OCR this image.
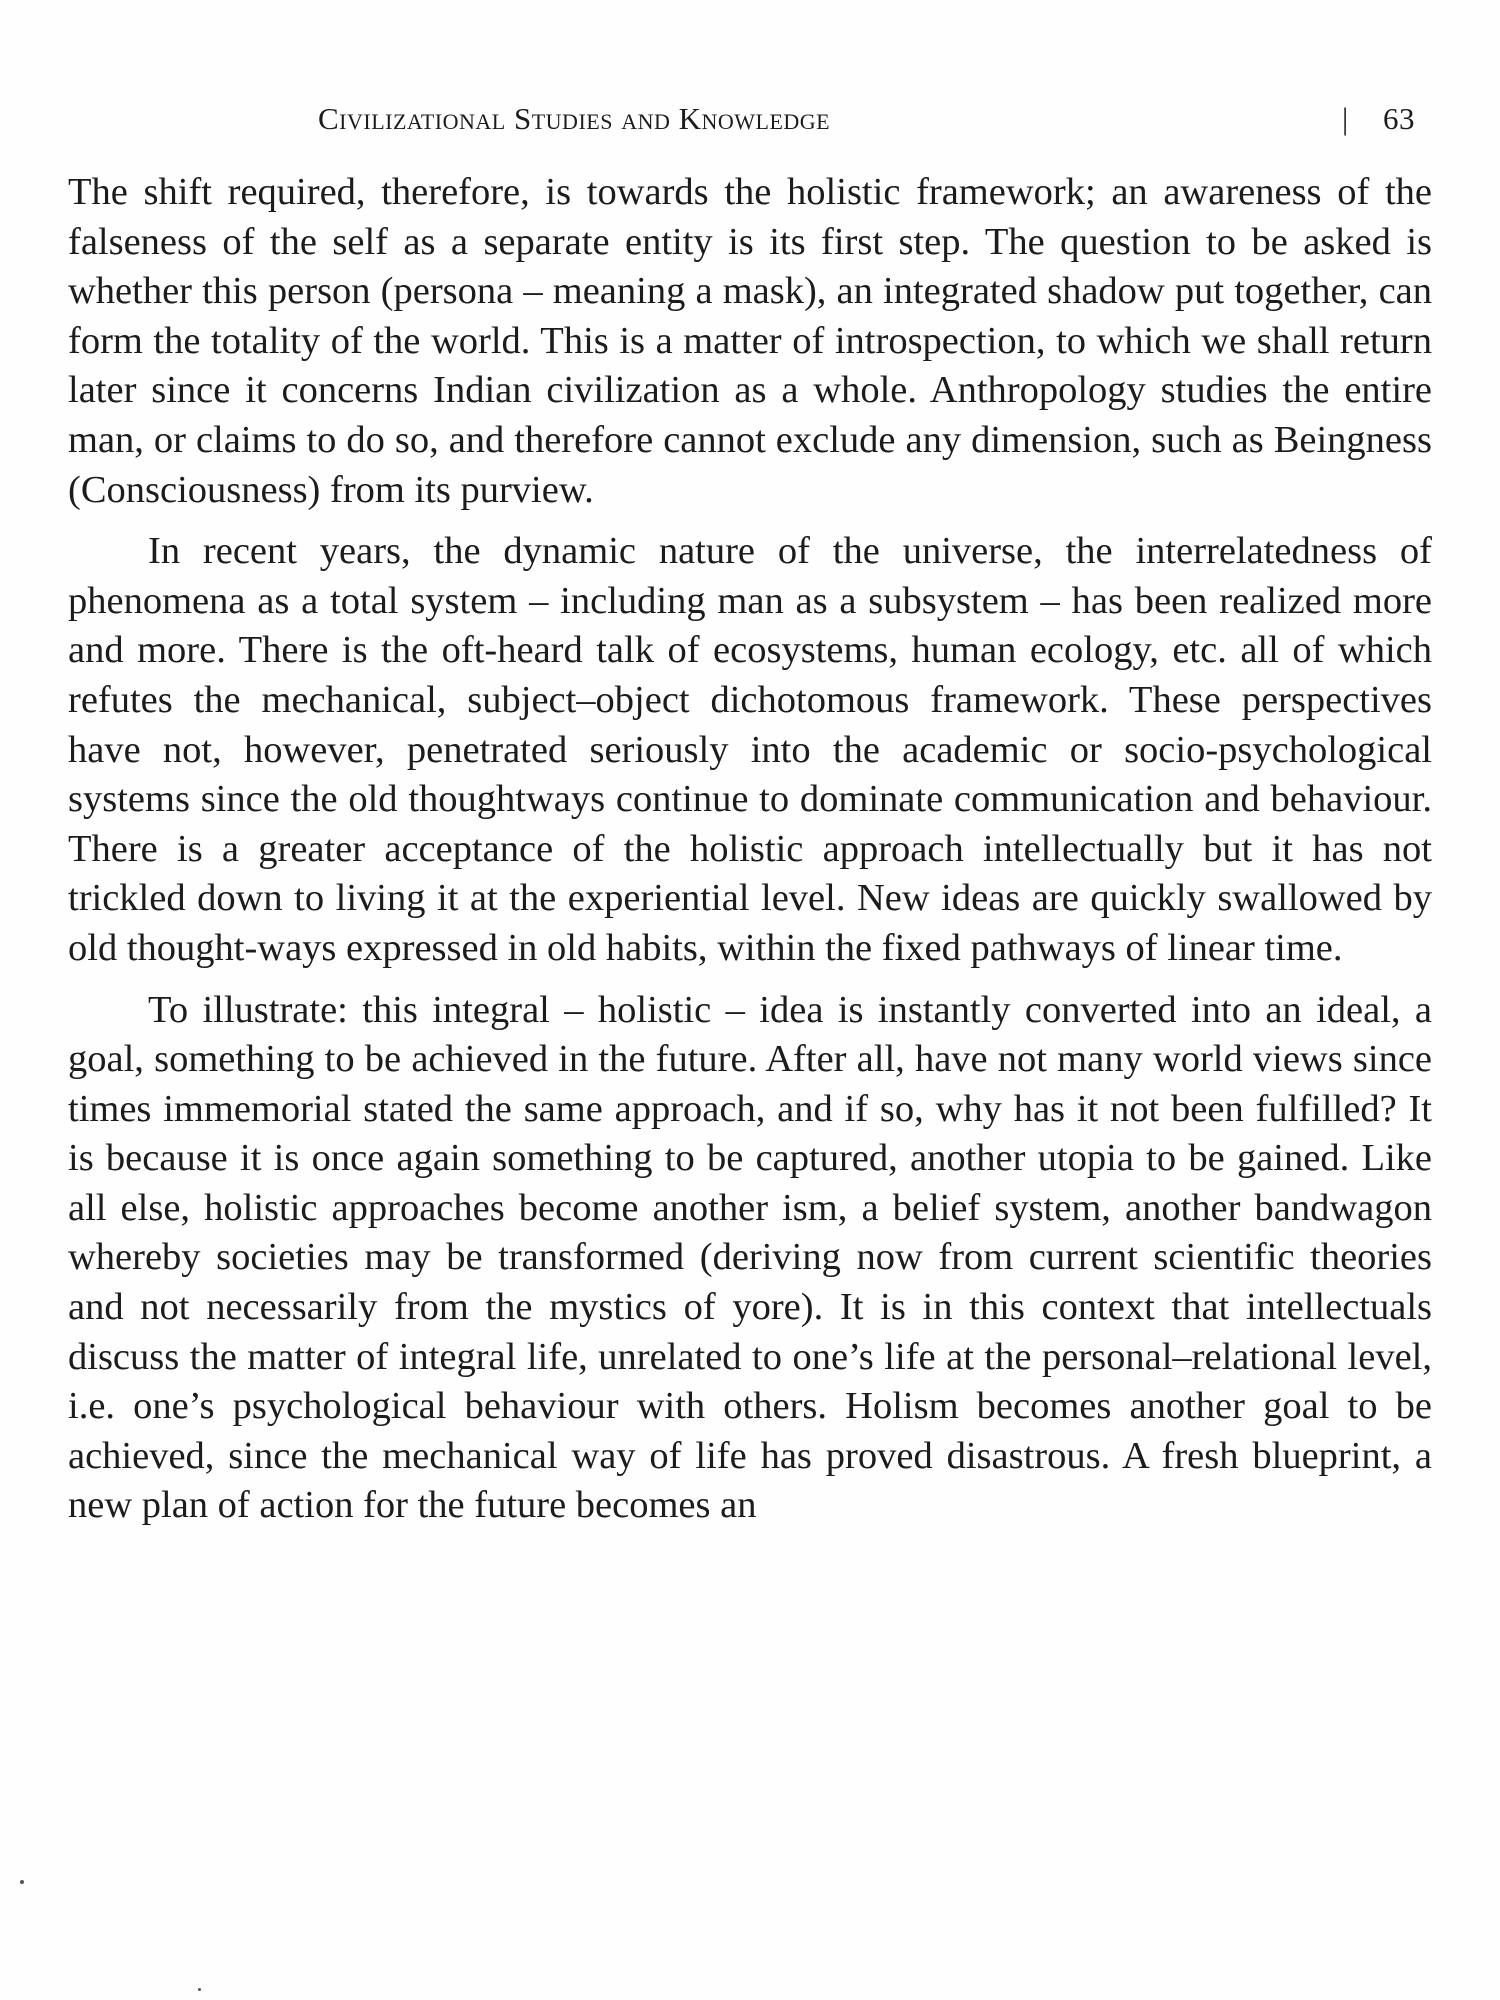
Civilizational Studies and Knowledge	| 63

The shift required, therefore, is towards the holistic framework; an awareness of the falseness of the self as a separate entity is its first step. The question to be asked is whether this person (persona – meaning a mask), an integrated shadow put together, can form the totality of the world. This is a matter of introspection, to which we shall return later since it concerns Indian civilization as a whole. Anthropology studies the entire man, or claims to do so, and therefore cannot exclude any dimension, such as Beingness (Consciousness) from its purview.

In recent years, the dynamic nature of the universe, the interrelatedness of phenomena as a total system – including man as a subsystem – has been realized more and more. There is the oft-heard talk of ecosystems, human ecology, etc. all of which refutes the mechanical, subject–object dichotomous framework. These perspectives have not, however, penetrated seriously into the academic or socio-psychological systems since the old thoughtways continue to dominate communication and behaviour. There is a greater acceptance of the holistic approach intellectually but it has not trickled down to living it at the experiential level. New ideas are quickly swallowed by old thought-ways expressed in old habits, within the fixed pathways of linear time.

To illustrate: this integral – holistic – idea is instantly converted into an ideal, a goal, something to be achieved in the future. After all, have not many world views since times immemorial stated the same approach, and if so, why has it not been fulfilled? It is because it is once again something to be captured, another utopia to be gained. Like all else, holistic approaches become another ism, a belief system, another bandwagon whereby societies may be transformed (deriving now from current scientific theories and not necessarily from the mystics of yore). It is in this context that intellectuals discuss the matter of integral life, unrelated to one’s life at the personal–relational level, i.e. one’s psychological behaviour with others. Holism becomes another goal to be achieved, since the mechanical way of life has proved disastrous. A fresh blueprint, a new plan of action for the future becomes an
